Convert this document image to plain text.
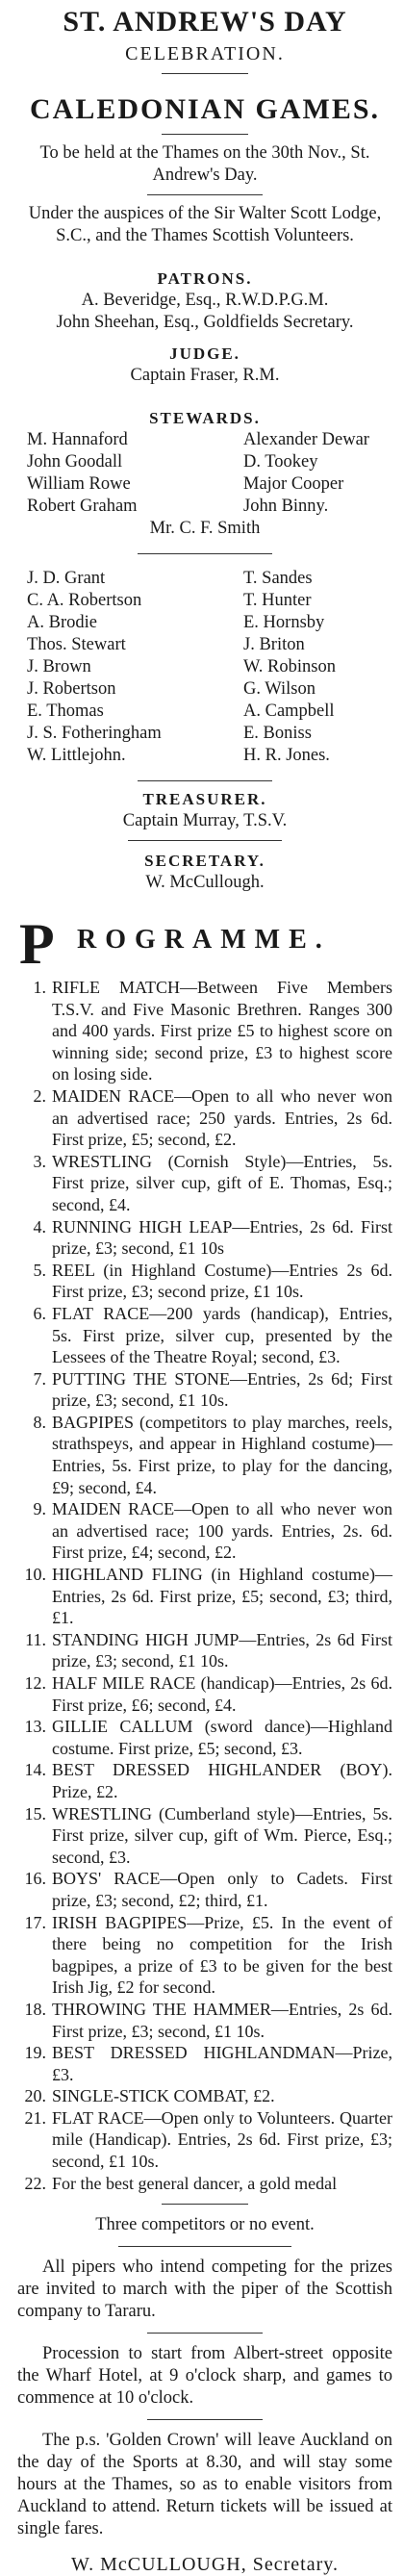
ST. ANDREW'S DAY
CELEBRATION.
CALEDONIAN GAMES.
To be held at the Thames on the 30th Nov., St. Andrew's Day.
Under the auspices of the Sir Walter Scott Lodge, S.C., and the Thames Scottish Volunteers.
PATRONS.
A. Beveridge, Esq., R.W.D.P.G.M.
John Sheehan, Esq., Goldfields Secretary.
JUDGE.
Captain Fraser, R.M.
STEWARDS.
M. Hannaford	Alexander Dewar
John Goodall	D. Tookey
William Rowe	Major Cooper
Robert Graham	John Binny.
Mr. C. F. Smith
J. D. Grant	T. Sandes
C. A. Robertson	T. Hunter
A. Brodie	E. Hornsby
Thos. Stewart	J. Briton
J. Brown	W. Robinson
J. Robertson	G. Wilson
E. Thomas	A. Campbell
J. S. Fotheringham	E. Boniss
W. Littlejohn.	H. R. Jones.
TREASURER.
Captain Murray, T.S.V.
SECRETARY.
W. McCullough.
P ROGRAMME.
1. RIFLE MATCH—Between Five Members T.S.V. and Five Masonic Brethren. Ranges 300 and 400 yards. First prize £5 to highest score on winning side; second prize, £3 to highest score on losing side.
2. MAIDEN RACE—Open to all who never won an advertised race; 250 yards. Entries, 2s 6d. First prize, £5; second, £2.
3. WRESTLING (Cornish Style)—Entries, 5s. First prize, silver cup, gift of E. Thomas, Esq.; second, £4.
4. RUNNING HIGH LEAP—Entries, 2s 6d. First prize, £3; second, £1 10s
5. REEL (in Highland Costume)—Entries 2s 6d. First prize, £3; second prize, £1 10s.
6. FLAT RACE—200 yards (handicap), Entries, 5s. First prize, silver cup, presented by the Lessees of the Theatre Royal; second, £3.
7. PUTTING THE STONE—Entries, 2s 6d; First prize, £3; second, £1 10s.
8. BAGPIPES (competitors to play marches, reels, strathspeys, and appear in Highland costume)—Entries, 5s. First prize, to play for the dancing, £9; second, £4.
9. MAIDEN RACE—Open to all who never won an advertised race; 100 yards. Entries, 2s. 6d. First prize, £4; second, £2.
10. HIGHLAND FLING (in Highland costume)—Entries, 2s 6d. First prize, £5; second, £3; third, £1.
11. STANDING HIGH JUMP—Entries, 2s 6d First prize, £3; second, £1 10s.
12. HALF MILE RACE (handicap)—Entries, 2s 6d. First prize, £6; second, £4.
13. GILLIE CALLUM (sword dance)—Highland costume. First prize, £5; second, £3.
14. BEST DRESSED HIGHLANDER (BOY). Prize, £2.
15. WRESTLING (Cumberland style)—Entries, 5s. First prize, silver cup, gift of Wm. Pierce, Esq.; second, £3.
16. BOYS' RACE—Open only to Cadets. First prize, £3; second, £2; third, £1.
17. IRISH BAGPIPES—Prize, £5. In the event of there being no competition for the Irish bagpipes, a prize of £3 to be given for the best Irish Jig, £2 for second.
18. THROWING THE HAMMER—Entries, 2s 6d. First prize, £3; second, £1 10s.
19. BEST DRESSED HIGHLANDMAN—Prize, £3.
20. SINGLE-STICK COMBAT, £2.
21. FLAT RACE—Open only to Volunteers. Quarter mile (Handicap). Entries, 2s 6d. First prize, £3; second, £1 10s.
22. For the best general dancer, a gold medal
Three competitors or no event.
All pipers who intend competing for the prizes are invited to march with the piper of the Scottish company to Tararu.
Procession to start from Albert-street opposite the Wharf Hotel, at 9 o'clock sharp, and games to commence at 10 o'clock.
The p.s. 'Golden Crown' will leave Auckland on the day of the Sports at 8.30, and will stay some hours at the Thames, so as to enable visitors from Auckland to attend. Return tickets will be issued at single fares.
W. McCULLOUGH, Secretary.
